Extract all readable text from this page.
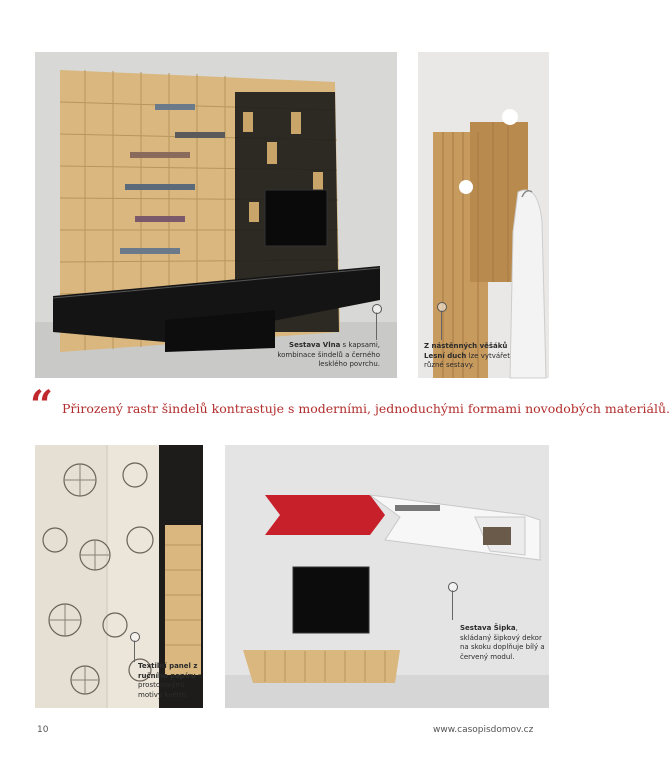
Sestava Vlna s kapsami, kombinace šindelů a černého lesklého povrchu.
Z nástěnných věšáků Lesní duch lze vytvářet různé sestavy.
“ Přirozený rastr šindelů kontrastuje s moderními, jednoduchými formami novodobých materiálů.
Textilní panel z ručního papíru s prostorovými motivy květin.
Sestava Šipka, skládaný šipkový dekor na skoku doplňuje bílý a červený modul.
10	www.casopisdomov.cz
